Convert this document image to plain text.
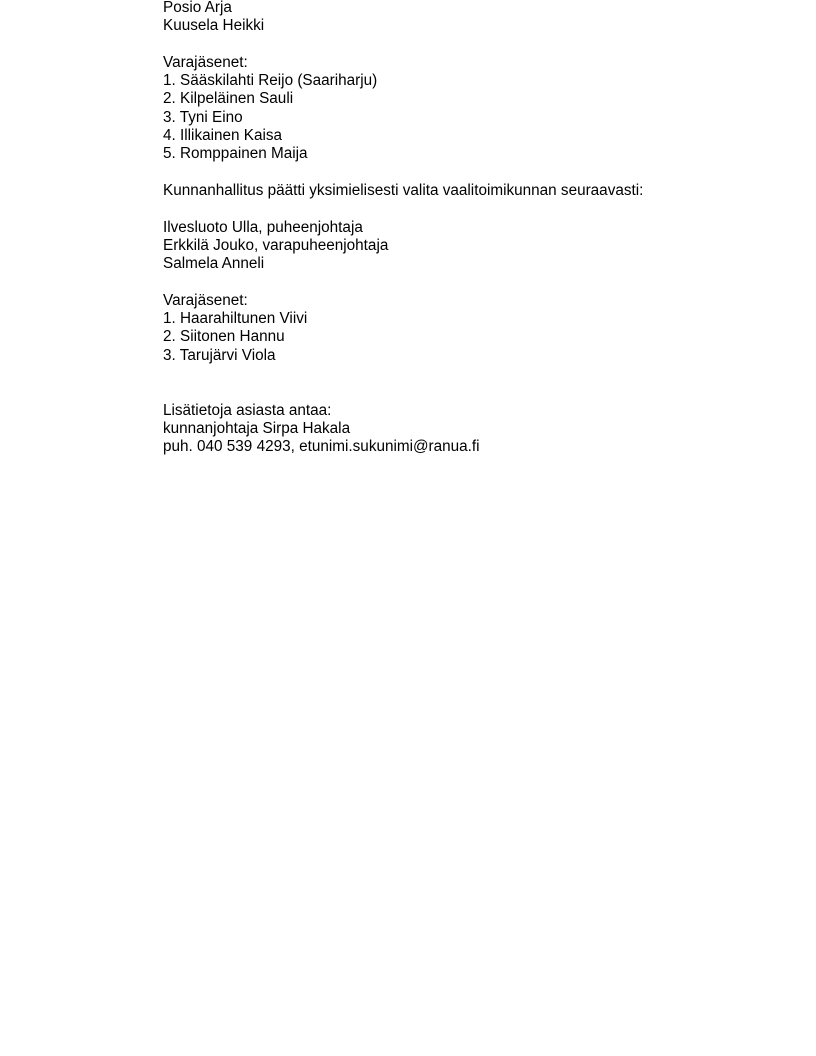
Posio Arja
Kuusela Heikki
Varajäsenet:
1. Sääskilahti Reijo (Saariharju)
2. Kilpeläinen Sauli
3. Tyni Eino
4. Illikainen Kaisa
5. Romppainen Maija
Kunnanhallitus päätti yksimielisesti valita vaalitoimikunnan seuraavasti:
Ilvesluoto Ulla, puheenjohtaja
Erkkilä Jouko, varapuheenjohtaja
Salmela Anneli
Varajäsenet:
1. Haarahiltunen Viivi
2. Siitonen Hannu
3. Tarujärvi Viola
Lisätietoja asiasta antaa:
kunnanjohtaja Sirpa Hakala
puh. 040 539 4293, etunimi.sukunimi@ranua.fi
